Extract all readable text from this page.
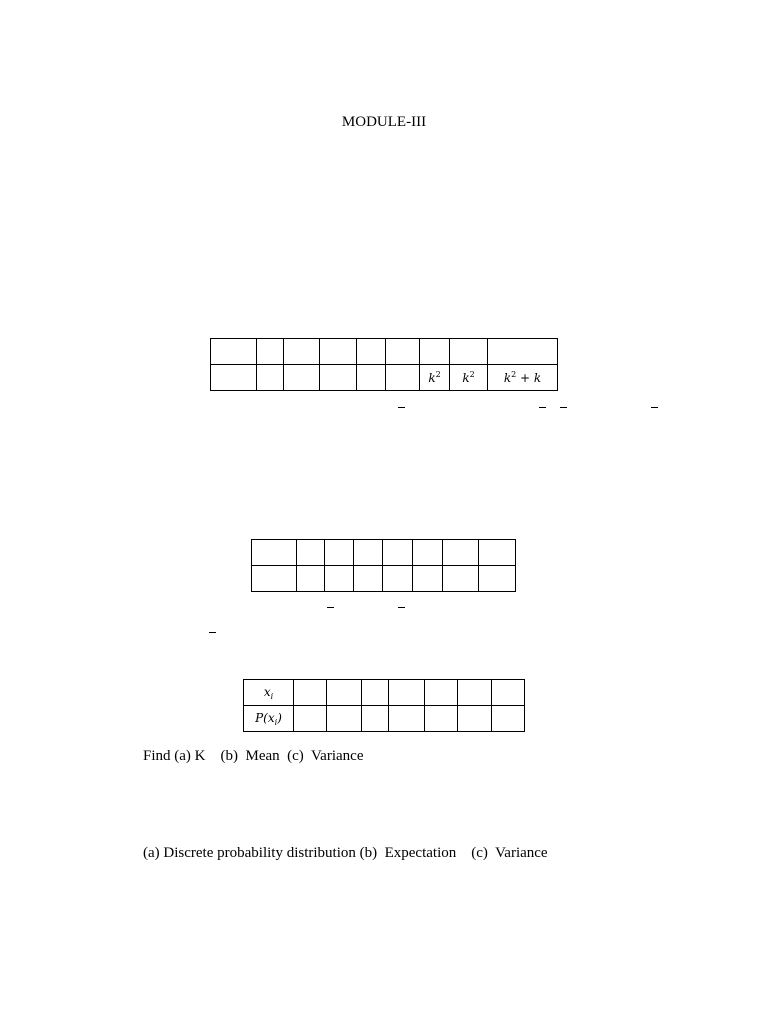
MODULE-III

						$k^2$	$k^2$	$k^2 + k$

$x_i$							
$P(x_i)$							
Find (a) K    (b)  Mean  (c)  Variance
(a) Discrete probability distribution (b)  Expectation    (c)  Variance
